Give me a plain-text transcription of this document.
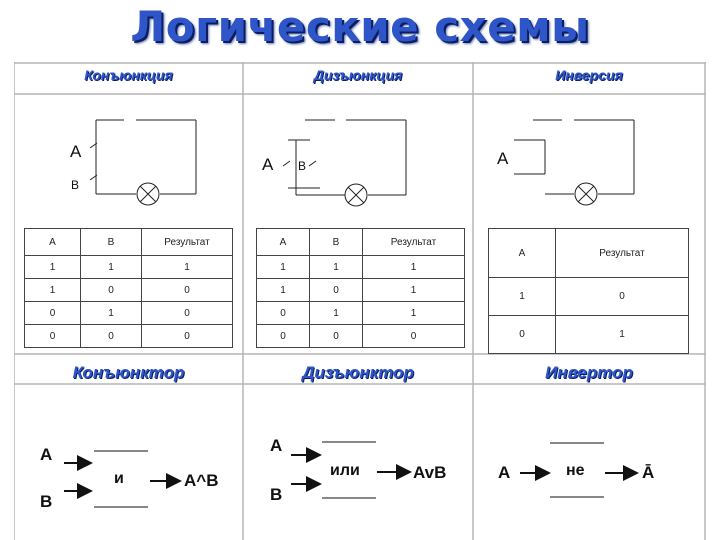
Логические схемы
Конъюнкция	Дизъюнкция	Инверсия
Конъюнктор	Дизъюнктор	Инвертор
A
B
A B	A
A	B	Результат
1	1	1
1	0	0
0	1	0
0	0	0
A	B	Результат
1	1	1
1	0	1
0	1	1
0	0	0
A	Результат
1	0
0	1
A
B
и	A^B
A
B
или	AvB	A	не	Ā
